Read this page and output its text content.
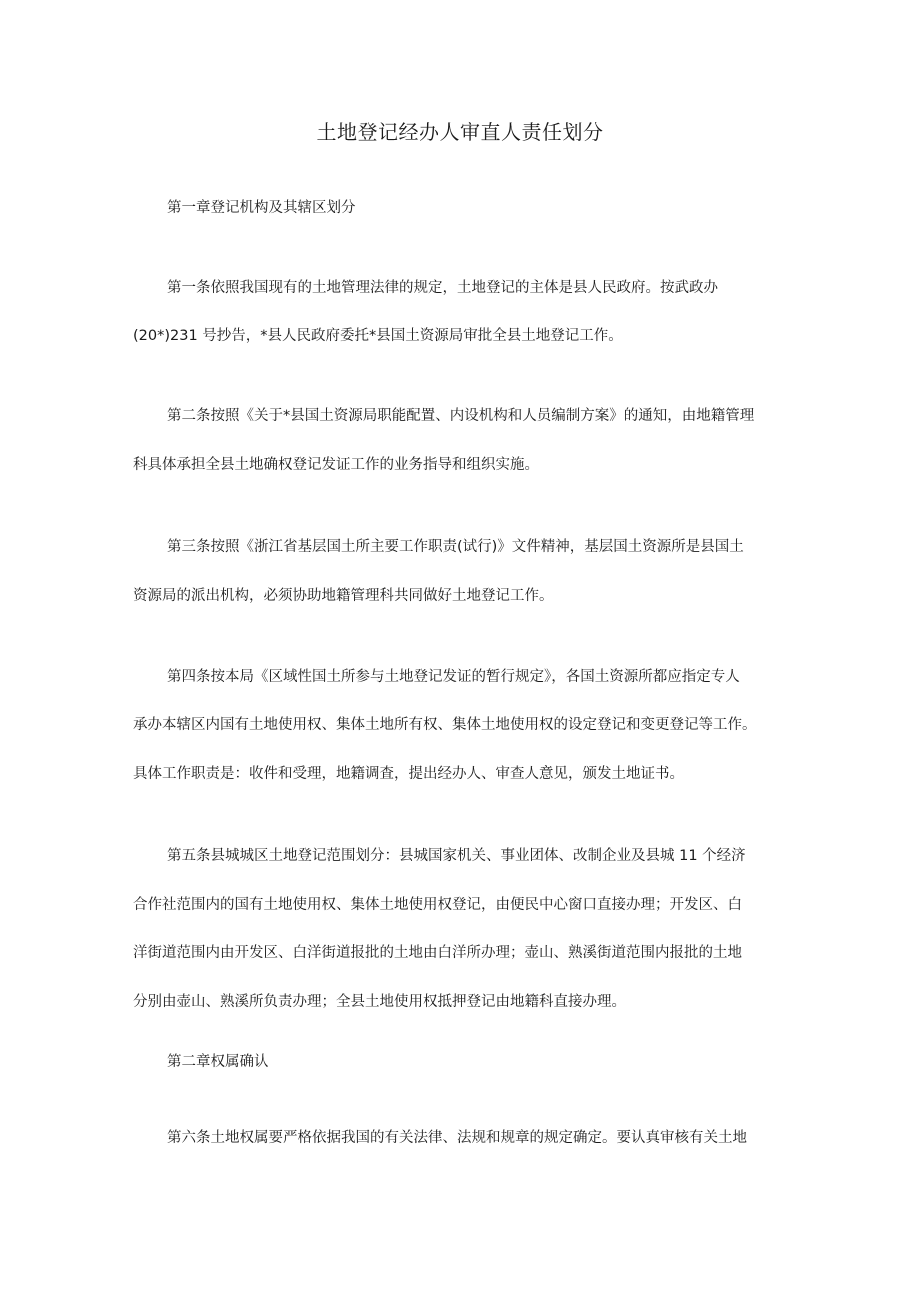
土地登记经办人审直人责任划分
第一章登记机构及其辖区划分
第一条依照我国现有的土地管理法律的规定，土地登记的主体是县人民政府。按武政办
(20*)231 号抄告，*县人民政府委托*县国土资源局审批全县土地登记工作。
第二条按照《关于*县国土资源局职能配置、内设机构和人员编制方案》的通知，由地籍管理
科具体承担全县土地确权登记发证工作的业务指导和组织实施。
第三条按照《浙江省基层国土所主要工作职责(试行)》文件精神，基层国土资源所是县国土
资源局的派出机构，必须协助地籍管理科共同做好土地登记工作。
第四条按本局《区域性国土所参与土地登记发证的暂行规定》，各国土资源所都应指定专人
承办本辖区内国有土地使用权、集体土地所有权、集体土地使用权的设定登记和变更登记等工作。
具体工作职责是：收件和受理，地籍调査，提出经办人、审查人意见，颁发土地证书。
第五条县城城区土地登记范围划分：县城国家机关、事业团体、改制企业及县城 11 个经济
合作社范围内的国有土地使用权、集体土地使用权登记，由便民中心窗口直接办理；开发区、白
洋街道范围内由开发区、白洋街道报批的土地由白洋所办理；壶山、熟溪街道范围内报批的土地
分别由壶山、熟溪所负责办理；全县土地使用权抵押登记由地籍科直接办理。
第二章权属确认
第六条土地权属要严格依据我国的有关法律、法规和规章的规定确定。要认真审核有关土地
